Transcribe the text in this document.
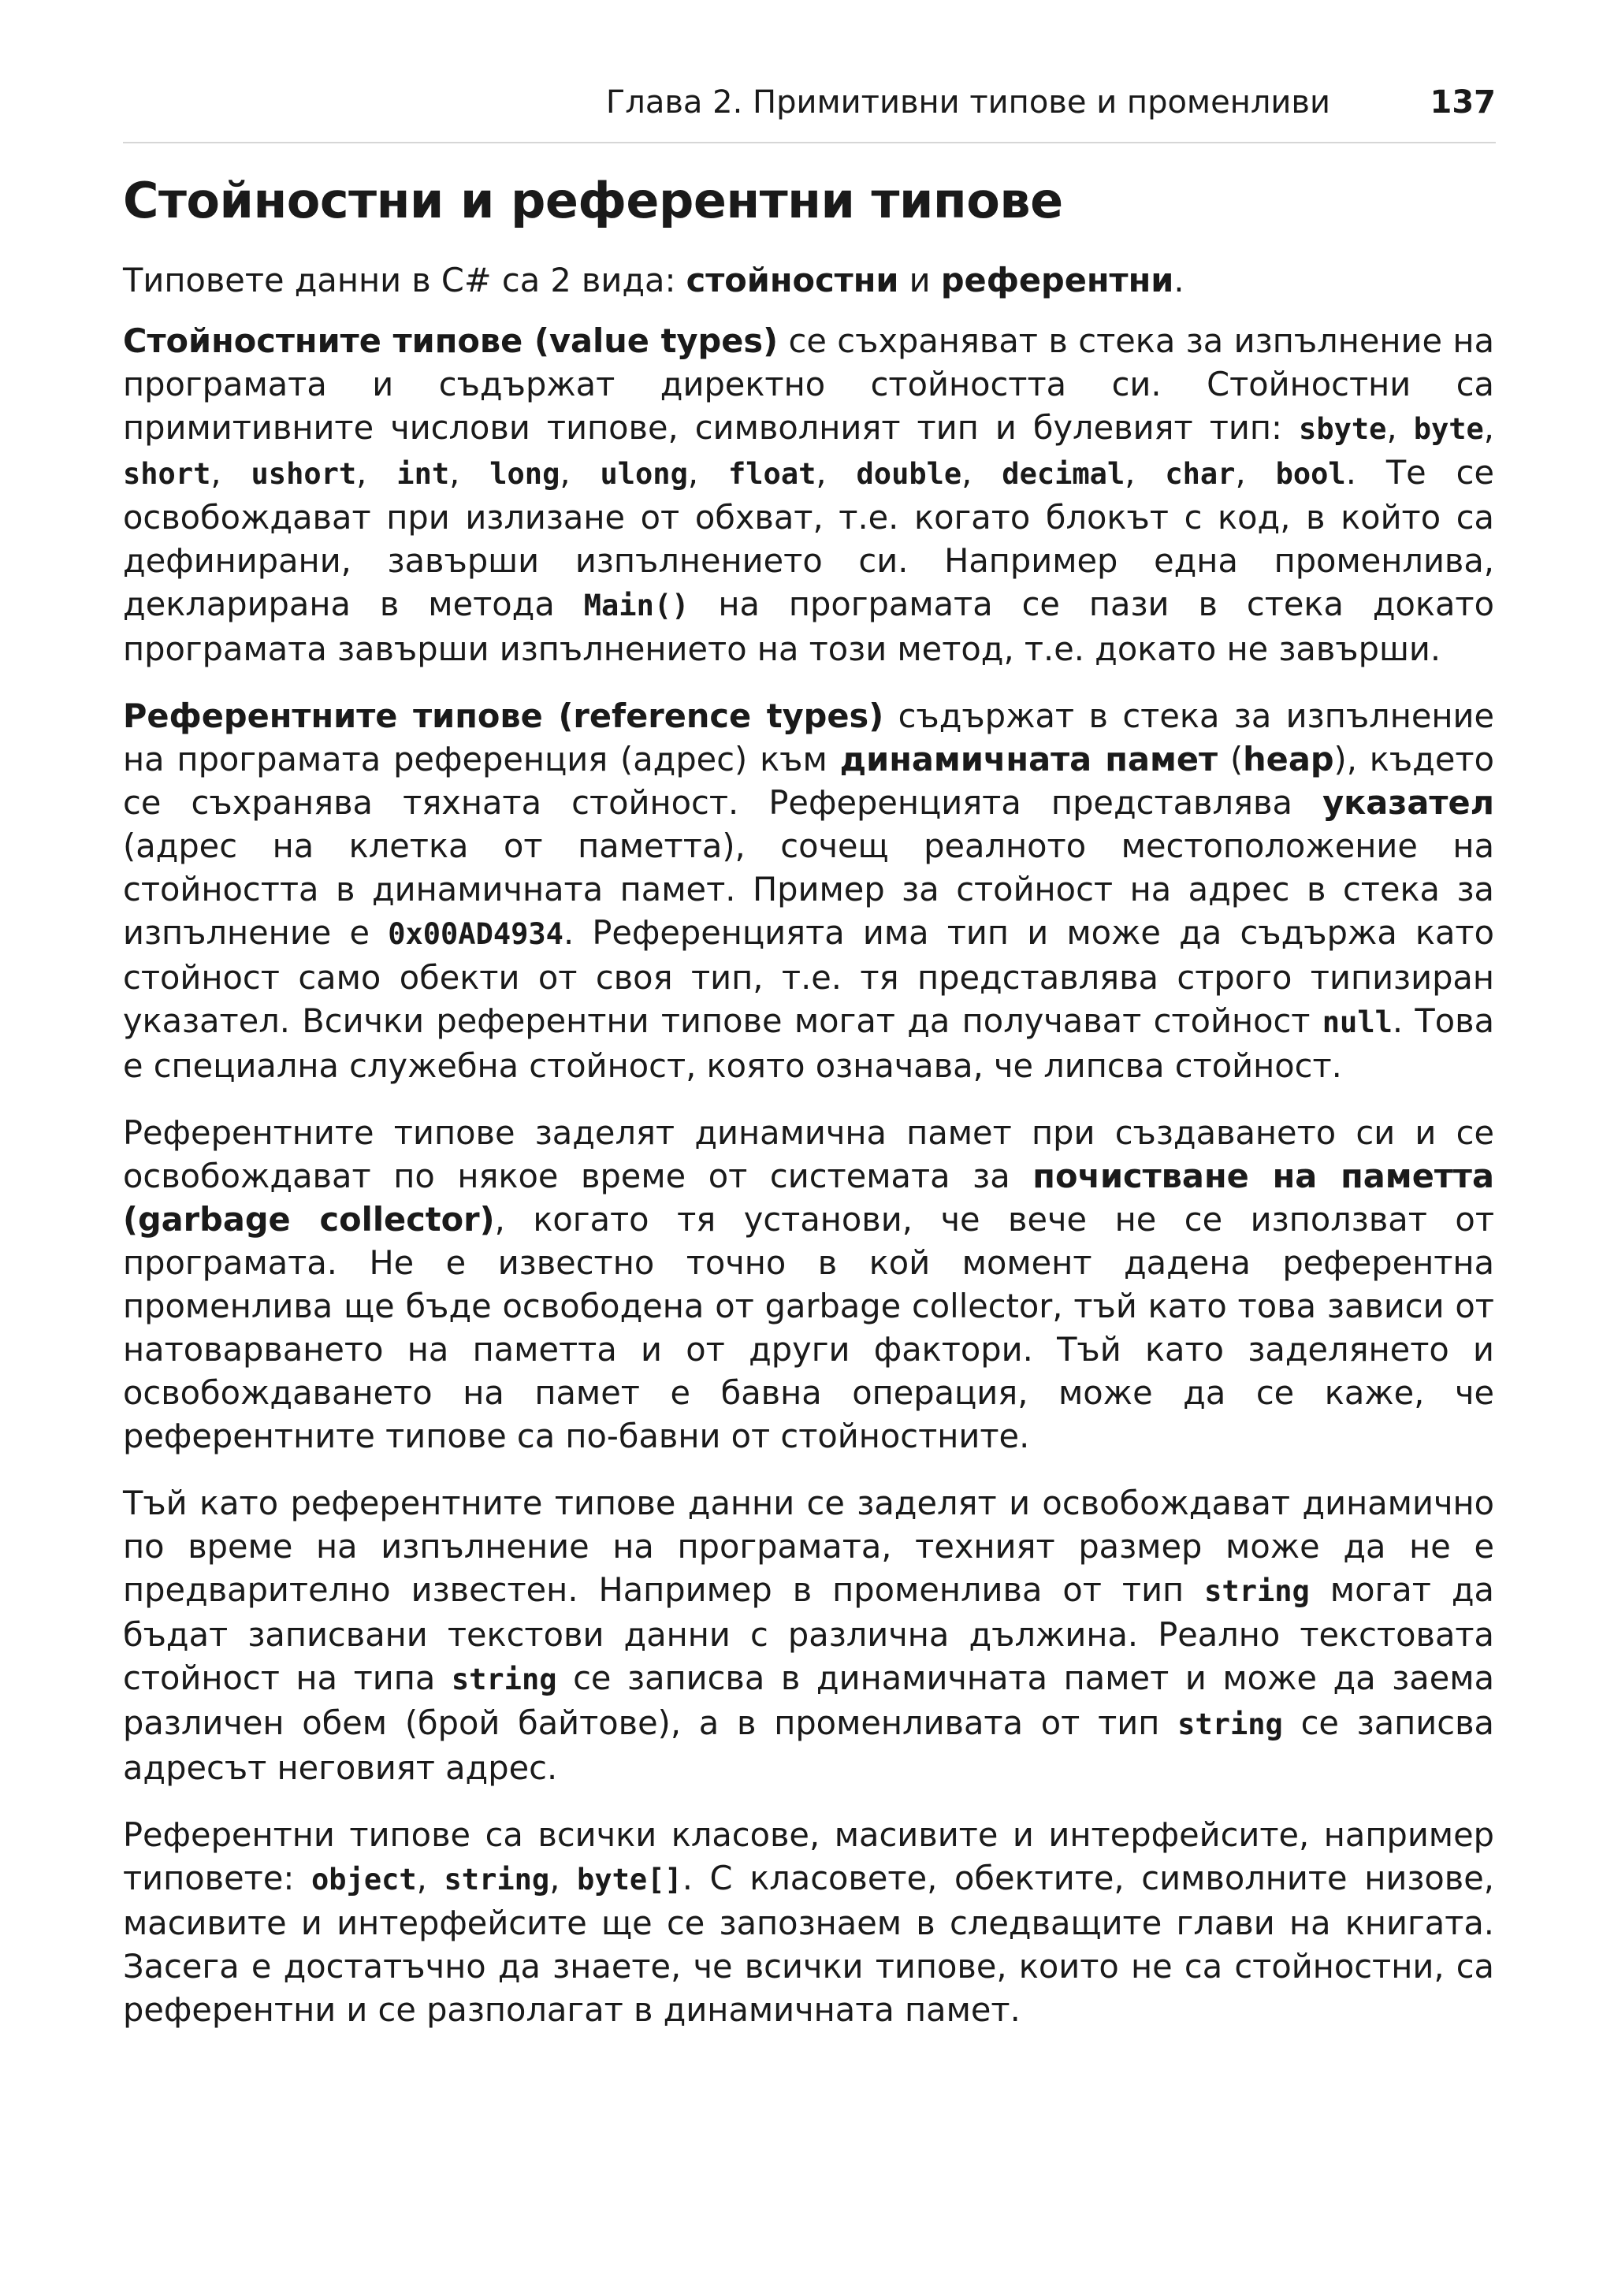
Глава 2. Примитивни типове и променливи	137
Стойностни и референтни типове

Типовете данни в C# са 2 вида: стойностни и референтни.

Стойностните типове (value types) се съхраняват в стека за изпълнение на програмата и съдържат директно стойността си. Стойностни са примитивните числови типове, символният тип и булевият тип: sbyte, byte, short, ushort, int, long, ulong, float, double, decimal, char, bool. Те се освобождават при излизане от обхват, т.е. когато блокът с код, в който са дефинирани, завърши изпълнението си. Например една променлива, декларирана в метода Main() на програмата се пази в стека докато програмата завърши изпълнението на този метод, т.е. докато не завърши.

Референтните типове (reference types) съдържат в стека за изпълнение на програмата референция (адрес) към динамичната памет (heap), където се съхранява тяхната стойност. Референцията представлява указател (адрес на клетка от паметта), сочещ реалното местоположение на стойността в динамичната памет. Пример за стойност на адрес в стека за изпълнение е 0x00AD4934. Референцията има тип и може да съдържа като стойност само обекти от своя тип, т.е. тя представлява строго типизиран указател. Всички референтни типове могат да получават стойност null. Това е специална служебна стойност, която означава, че липсва стойност.

Референтните типове заделят динамична памет при създаването си и се освобождават по някое време от системата за почистване на паметта (garbage collector), когато тя установи, че вече не се използват от програмата. Не е известно точно в кой момент дадена референтна променлива ще бъде освободена от garbage collector, тъй като това зависи от натоварването на паметта и от други фактори. Тъй като заделянето и освобождаването на памет е бавна операция, може да се каже, че референтните типове са по-бавни от стойностните.

Тъй като референтните типове данни се заделят и освобождават динамично по време на изпълнение на програмата, техният размер може да не е предварително известен. Например в променлива от тип string могат да бъдат записвани текстови данни с различна дължина. Реално текстовата стойност на типа string се записва в динамичната памет и може да заема различен обем (брой байтове), а в променливата от тип string се записва адресът неговият адрес.

Референтни типове са всички класове, масивите и интерфейсите, например типовете: object, string, byte[]. С класовете, обектите, символните низове, масивите и интерфейсите ще се запознаем в следващите глави на книгата. Засега е достатъчно да знаете, че всички типове, които не са стойностни, са референтни и се разполагат в динамичната памет.
